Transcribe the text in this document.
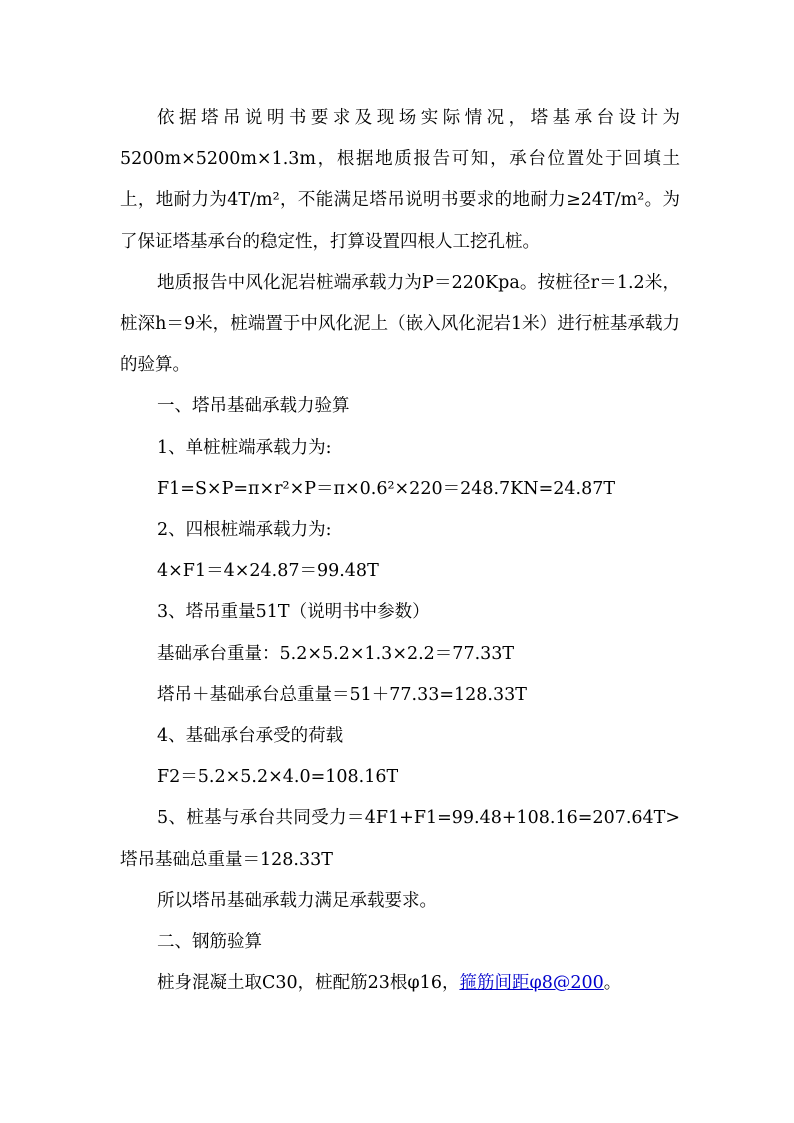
依据塔吊说明书要求及现场实际情况，塔基承台设计为5200m×5200m×1.3m，根据地质报告可知，承台位置处于回填土上，地耐力为4T/m²，不能满足塔吊说明书要求的地耐力≥24T/m²。为了保证塔基承台的稳定性，打算设置四根人工挖孔桩。

地质报告中风化泥岩桩端承载力为P＝220Kpa。按桩径r＝1.2米，桩深h＝9米，桩端置于中风化泥上（嵌入风化泥岩1米）进行桩基承载力的验算。

一、塔吊基础承载力验算

1、单桩桩端承载力为:

F1=S×P=π×r²×P＝π×0.6²×220＝248.7KN=24.87T

2、四根桩端承载力为:

4×F1＝4×24.87＝99.48T

3、塔吊重量51T（说明书中参数）

基础承台重量：5.2×5.2×1.3×2.2＝77.33T

塔吊＋基础承台总重量＝51＋77.33=128.33T

4、基础承台承受的荷载

F2＝5.2×5.2×4.0=108.16T

5、桩基与承台共同受力＝4F1+F1=99.48+108.16=207.64T> 塔吊基础总重量＝128.33T

所以塔吊基础承载力满足承载要求。

二、钢筋验算

桩身混凝土取C30，桩配筋23根φ16，箍筋间距φ8@200。
